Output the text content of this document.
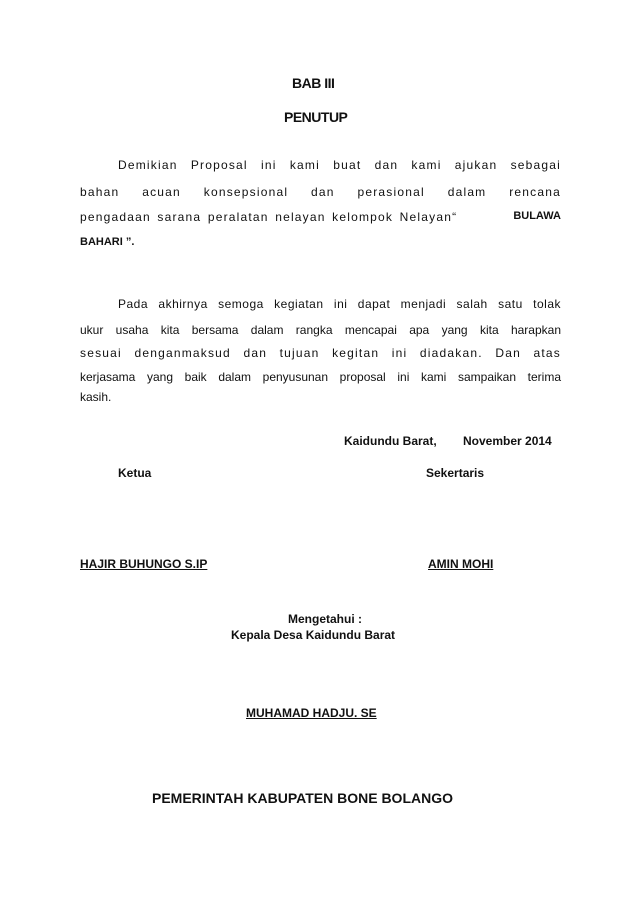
BAB III
PENUTUP
Demikian Proposal ini kami buat dan kami ajukan sebagai
bahan acuan konsepsional dan perasional dalam rencana
pengadaan sarana peralatan nelayan kelompok Nelayan“	BULAWA
BAHARI ”.
Pada akhirnya semoga kegiatan ini dapat menjadi salah satu tolak
ukur usaha kita bersama dalam rangka mencapai apa yang kita harapkan
sesuai denganmaksud dan tujuan kegitan ini diadakan. Dan atas
kerjasama yang baik dalam penyusunan proposal ini kami sampaikan terima
kasih.
Kaidundu Barat, November 2014
Ketua	Sekertaris
HAJIR BUHUNGO S.IP	AMIN MOHI
Mengetahui :
Kepala Desa Kaidundu Barat
MUHAMAD HADJU. SE
PEMERINTAH KABUPATEN BONE BOLANGO
